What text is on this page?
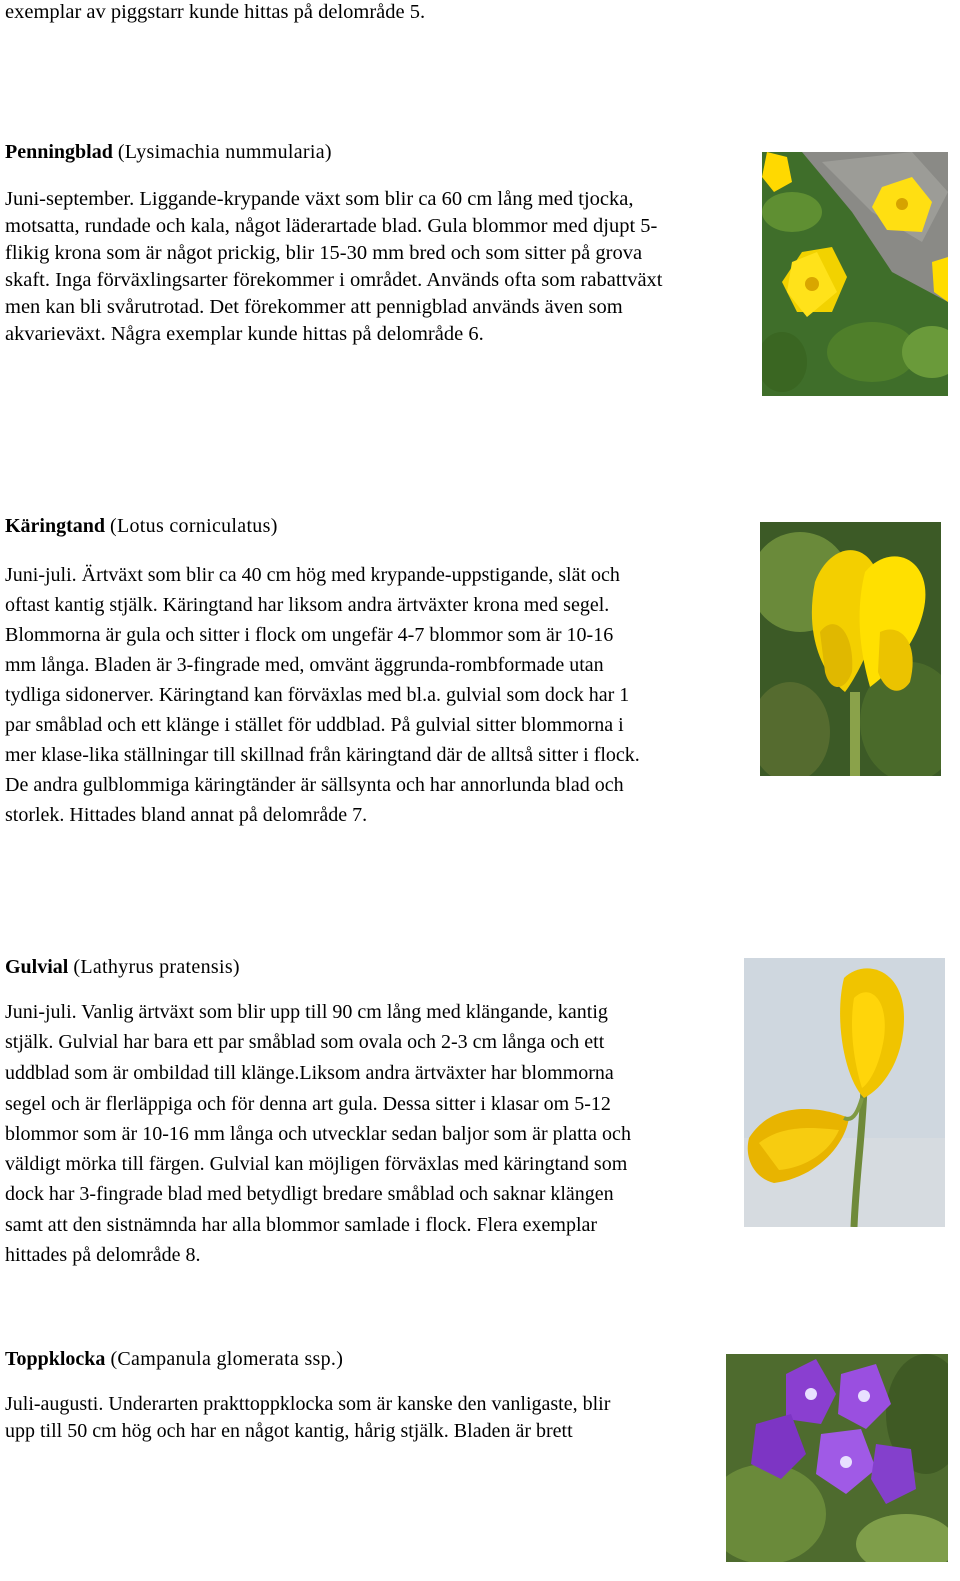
exemplar av piggstarr kunde hittas på delområde 5.
Penningblad (Lysimachia nummularia)
Juni-september. Liggande-krypande växt som blir ca 60 cm lång med tjocka,
motsatta, rundade och kala, något läderartade blad. Gula blommor med djupt 5-
flikig krona som är något prickig, blir 15-30 mm bred och som sitter på grova
skaft. Inga förväxlingsarter förekommer i området. Används ofta som rabattväxt
men kan bli svårutrotad. Det förekommer att pennigblad används även som
akvarieväxt. Några exemplar kunde hittas på delområde 6.
Käringtand (Lotus corniculatus)
Juni-juli. Ärtväxt som blir ca 40 cm hög med krypande-uppstigande, slät och
oftast kantig stjälk. Käringtand har liksom andra ärtväxter krona med segel.
Blommorna är gula och sitter i flock om ungefär 4-7 blommor som är 10-16
mm långa. Bladen är 3-fingrade med, omvänt äggrunda-rombformade utan
tydliga sidonerver. Käringtand kan förväxlas med bl.a. gulvial som dock har 1
par småblad och ett klänge i stället för uddblad. På gulvial sitter blommorna i
mer klase-lika ställningar till skillnad från käringtand där de alltså sitter i flock.
De andra gulblommiga käringtänder är sällsynta och har annorlunda blad och
storlek. Hittades bland annat på delområde 7.
Gulvial (Lathyrus pratensis)
Juni-juli. Vanlig ärtväxt som blir upp till 90 cm lång med klängande, kantig
stjälk. Gulvial har bara ett par småblad som ovala och 2-3 cm långa och ett
uddblad som är ombildad till klänge.Liksom andra ärtväxter har blommorna
segel och är flerläppiga och för denna art gula. Dessa sitter i klasar om 5-12
blommor som är 10-16 mm långa och utvecklar sedan baljor som är platta och
väldigt mörka till färgen. Gulvial kan möjligen förväxlas med käringtand som
dock har 3-fingrade blad med betydligt bredare småblad och saknar klängen
samt att den sistnämnda har alla blommor samlade i flock. Flera exemplar
hittades på delområde 8.
Toppklocka (Campanula glomerata ssp.)
Juli-augusti. Underarten prakttoppklocka som är kanske den vanligaste, blir
upp till 50 cm hög och har en något kantig, hårig stjälk. Bladen är brett
